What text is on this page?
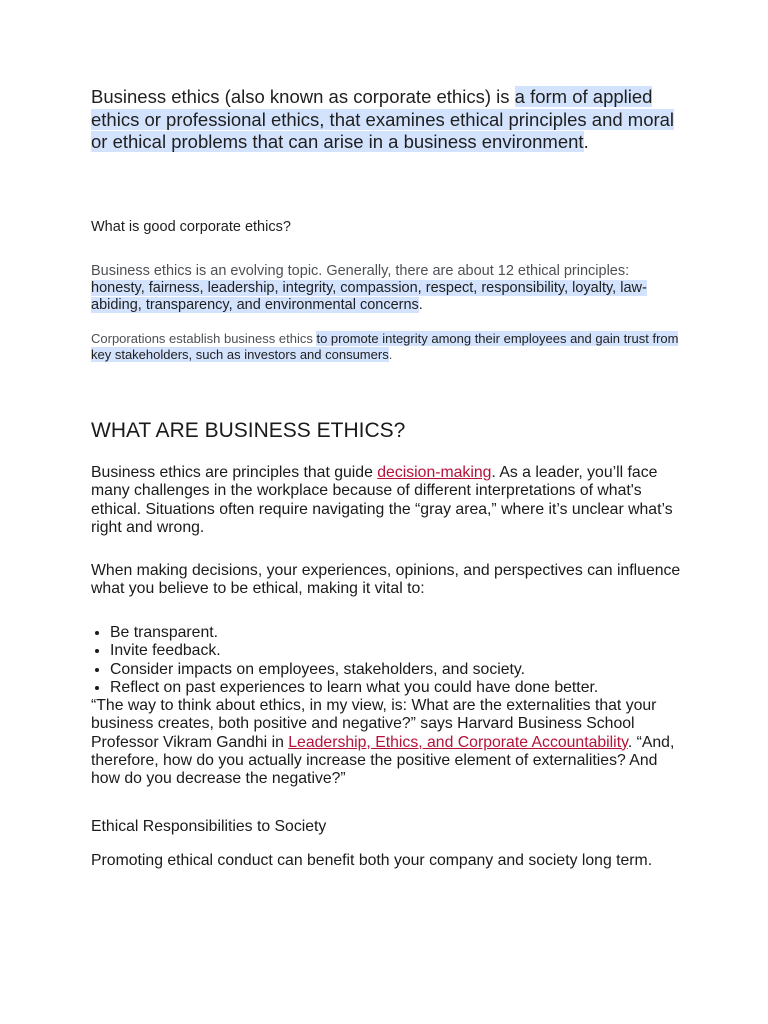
Business ethics (also known as corporate ethics) is a form of applied ethics or professional ethics, that examines ethical principles and moral or ethical problems that can arise in a business environment.

What is good corporate ethics?

Business ethics is an evolving topic. Generally, there are about 12 ethical principles: honesty, fairness, leadership, integrity, compassion, respect, responsibility, loyalty, law-abiding, transparency, and environmental concerns.

Corporations establish business ethics to promote integrity among their employees and gain trust from key stakeholders, such as investors and consumers.

WHAT ARE BUSINESS ETHICS?

Business ethics are principles that guide decision-making. As a leader, you’ll face many challenges in the workplace because of different interpretations of what's ethical. Situations often require navigating the “gray area,” where it’s unclear what’s right and wrong.

When making decisions, your experiences, opinions, and perspectives can influence what you believe to be ethical, making it vital to:

• Be transparent.
• Invite feedback.
• Consider impacts on employees, stakeholders, and society.
• Reflect on past experiences to learn what you could have done better.

“The way to think about ethics, in my view, is: What are the externalities that your business creates, both positive and negative?” says Harvard Business School Professor Vikram Gandhi in Leadership, Ethics, and Corporate Accountability. “And, therefore, how do you actually increase the positive element of externalities? And how do you decrease the negative?”

Ethical Responsibilities to Society

Promoting ethical conduct can benefit both your company and society long term.
